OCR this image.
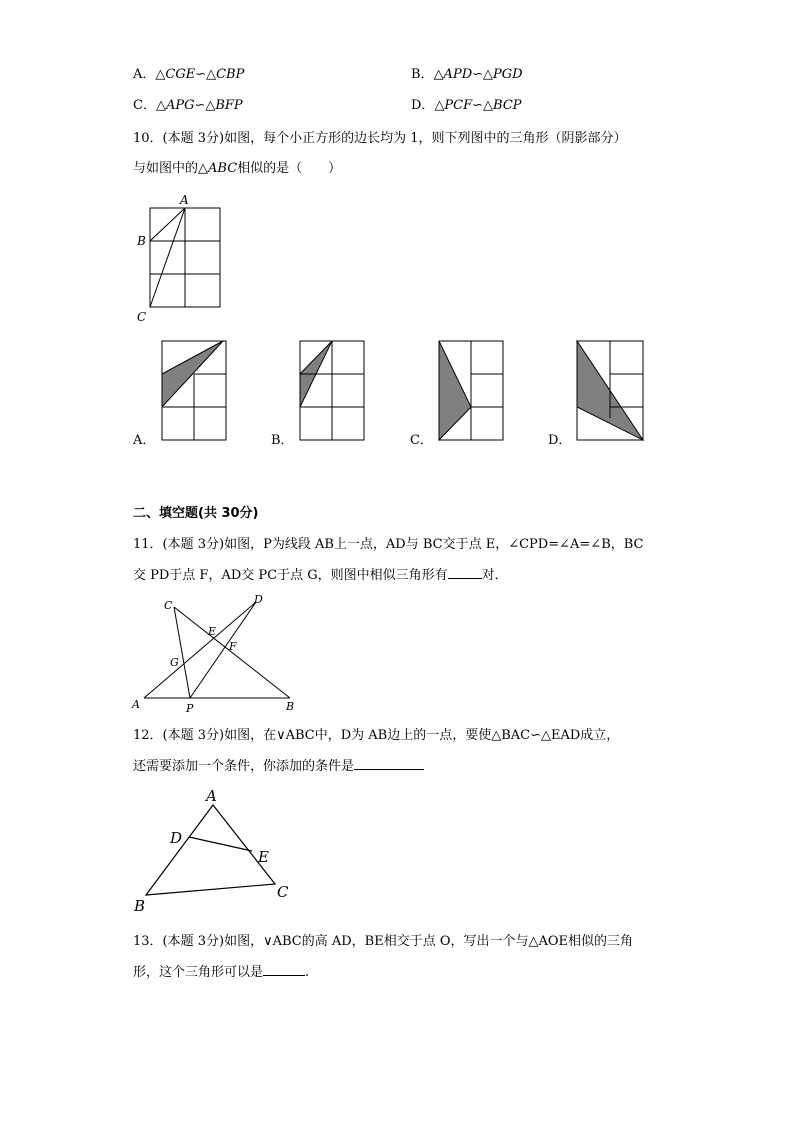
A．△CGE∽△CBP	B．△APD∽△PGD
C．△APG∽△BFP	D．△PCF∽△BCP
10．(本题 3分)如图，每个小正方形的边长均为 1，则下列图中的三角形（阴影部分）
与如图中的△ABC相似的是（　　）
A
B
C
A．	B．	C．	D．
二、填空题(共 30分)
11．(本题 3分)如图，P为线段 AB上一点，AD与 BC交于点 E，∠CPD=∠A=∠B，BC
交 PD于点 F，AD交 PC于点 G，则图中相似三角形有	对．
A	B
C	D
E
F
G
P
12．(本题 3分)如图，在∨ABC中，D为 AB边上的一点，要使△BAC∽△EAD成立，
还需要添加一个条件，你添加的条件是
A
B
C
D
E
13．(本题 3分)如图，∨ABC的高 AD，BE相交于点 O，写出一个与△AOE相似的三角
形，这个三角形可以是	.
